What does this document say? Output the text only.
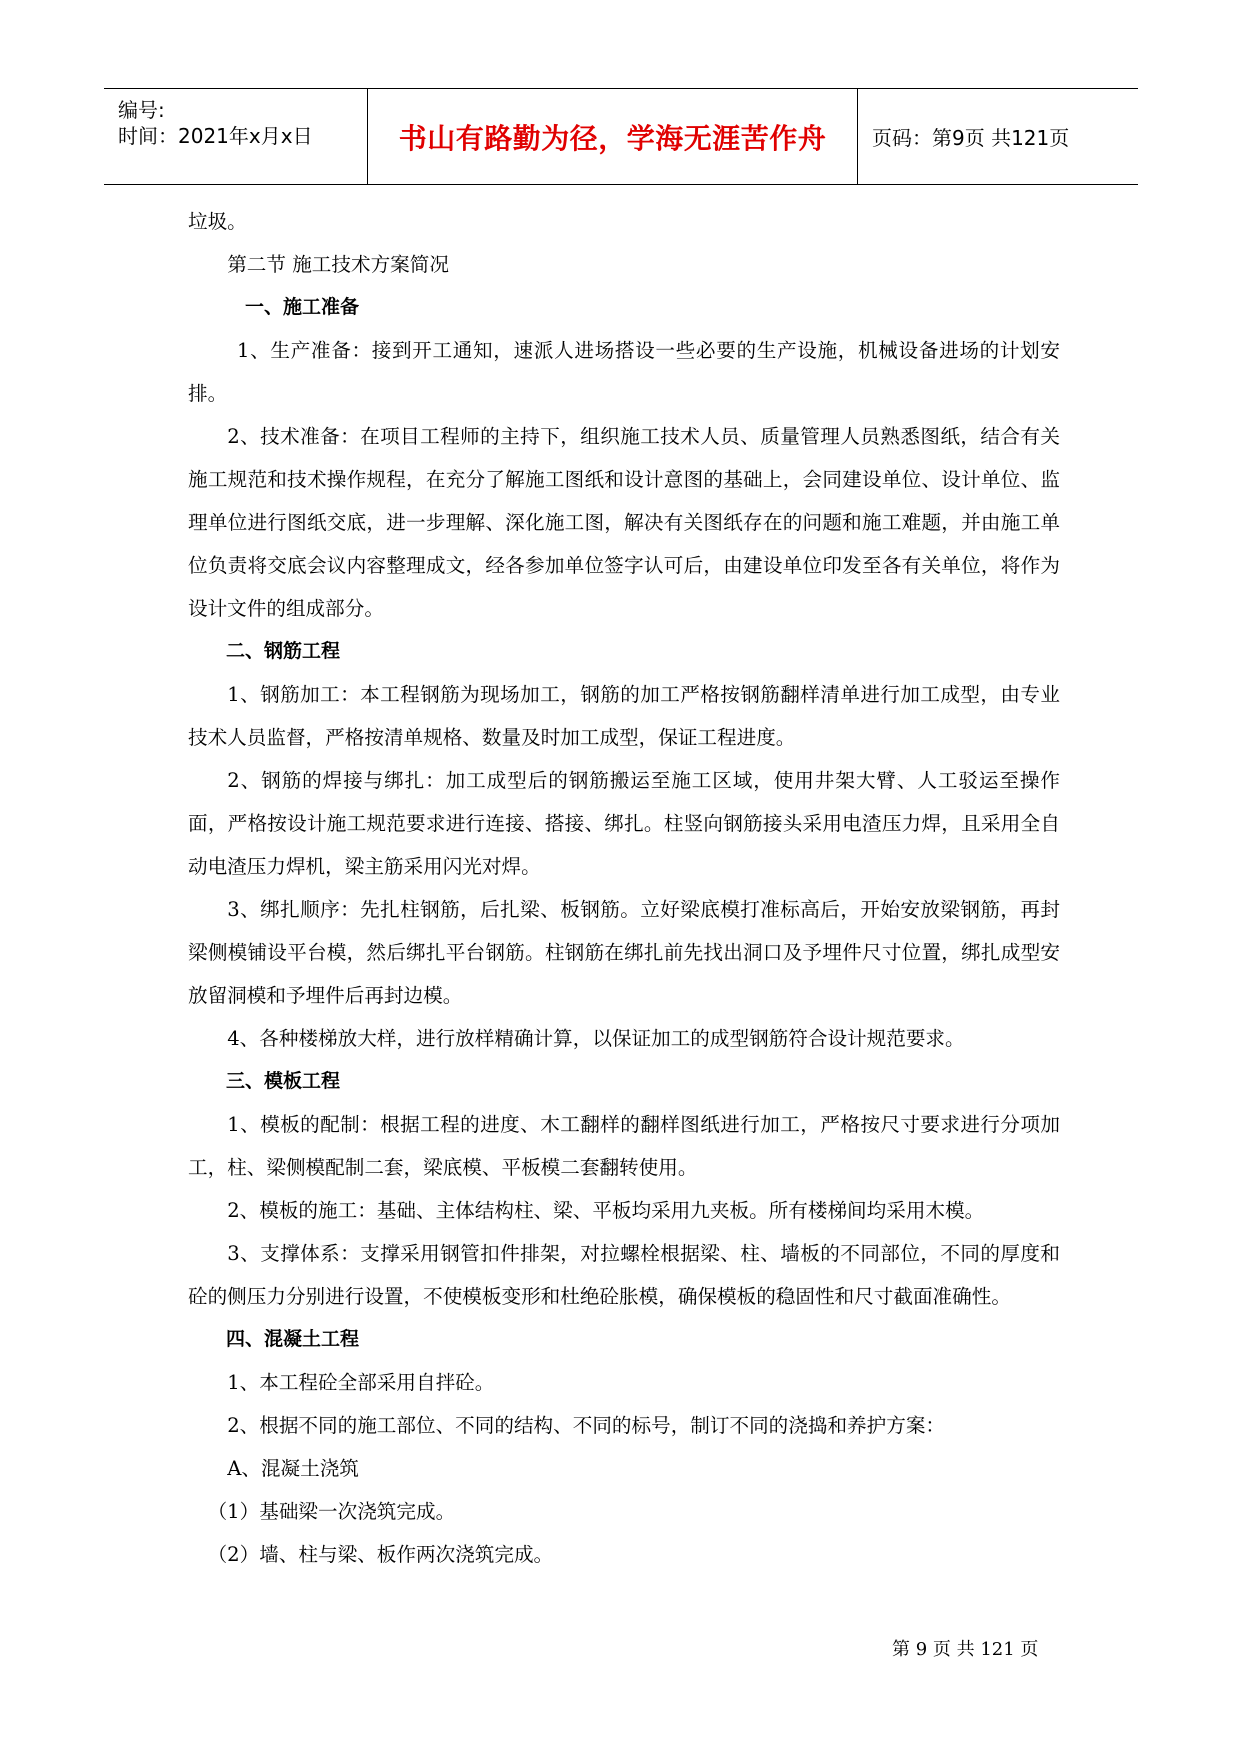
编号:
时间：2021年x月x日	书山有路勤为径，学海无涯苦作舟	页码：第9页 共121页

垃圾。

第二节 施工技术方案简况

一、施工准备

1、生产准备：接到开工通知，速派人进场搭设一些必要的生产设施，机械设备进场的计划安排。

2、技术准备：在项目工程师的主持下，组织施工技术人员、质量管理人员熟悉图纸，结合有关施工规范和技术操作规程，在充分了解施工图纸和设计意图的基础上，会同建设单位、设计单位、监理单位进行图纸交底，进一步理解、深化施工图，解决有关图纸存在的问题和施工难题，并由施工单位负责将交底会议内容整理成文，经各参加单位签字认可后，由建设单位印发至各有关单位，将作为设计文件的组成部分。

二、钢筋工程

1、钢筋加工：本工程钢筋为现场加工，钢筋的加工严格按钢筋翻样清单进行加工成型，由专业技术人员监督，严格按清单规格、数量及时加工成型，保证工程进度。

2、钢筋的焊接与绑扎：加工成型后的钢筋搬运至施工区域，使用井架大臂、人工驳运至操作面，严格按设计施工规范要求进行连接、搭接、绑扎。柱竖向钢筋接头采用电渣压力焊，且采用全自动电渣压力焊机，梁主筋采用闪光对焊。

3、绑扎顺序：先扎柱钢筋，后扎梁、板钢筋。立好梁底模打准标高后，开始安放梁钢筋，再封梁侧模铺设平台模，然后绑扎平台钢筋。柱钢筋在绑扎前先找出洞口及予埋件尺寸位置，绑扎成型安放留洞模和予埋件后再封边模。

4、各种楼梯放大样，进行放样精确计算，以保证加工的成型钢筋符合设计规范要求。

三、模板工程

1、模板的配制：根据工程的进度、木工翻样的翻样图纸进行加工，严格按尺寸要求进行分项加工，柱、梁侧模配制二套，梁底模、平板模二套翻转使用。

2、模板的施工：基础、主体结构柱、梁、平板均采用九夹板。所有楼梯间均采用木模。

3、支撑体系：支撑采用钢管扣件排架，对拉螺栓根据梁、柱、墙板的不同部位，不同的厚度和砼的侧压力分别进行设置，不使模板变形和杜绝砼胀模，确保模板的稳固性和尺寸截面准确性。

四、混凝土工程

1、本工程砼全部采用自拌砼。

2、根据不同的施工部位、不同的结构、不同的标号，制订不同的浇捣和养护方案：

A、混凝土浇筑

（1）基础梁一次浇筑完成。

（2）墙、柱与梁、板作两次浇筑完成。

第 9 页 共 121 页
